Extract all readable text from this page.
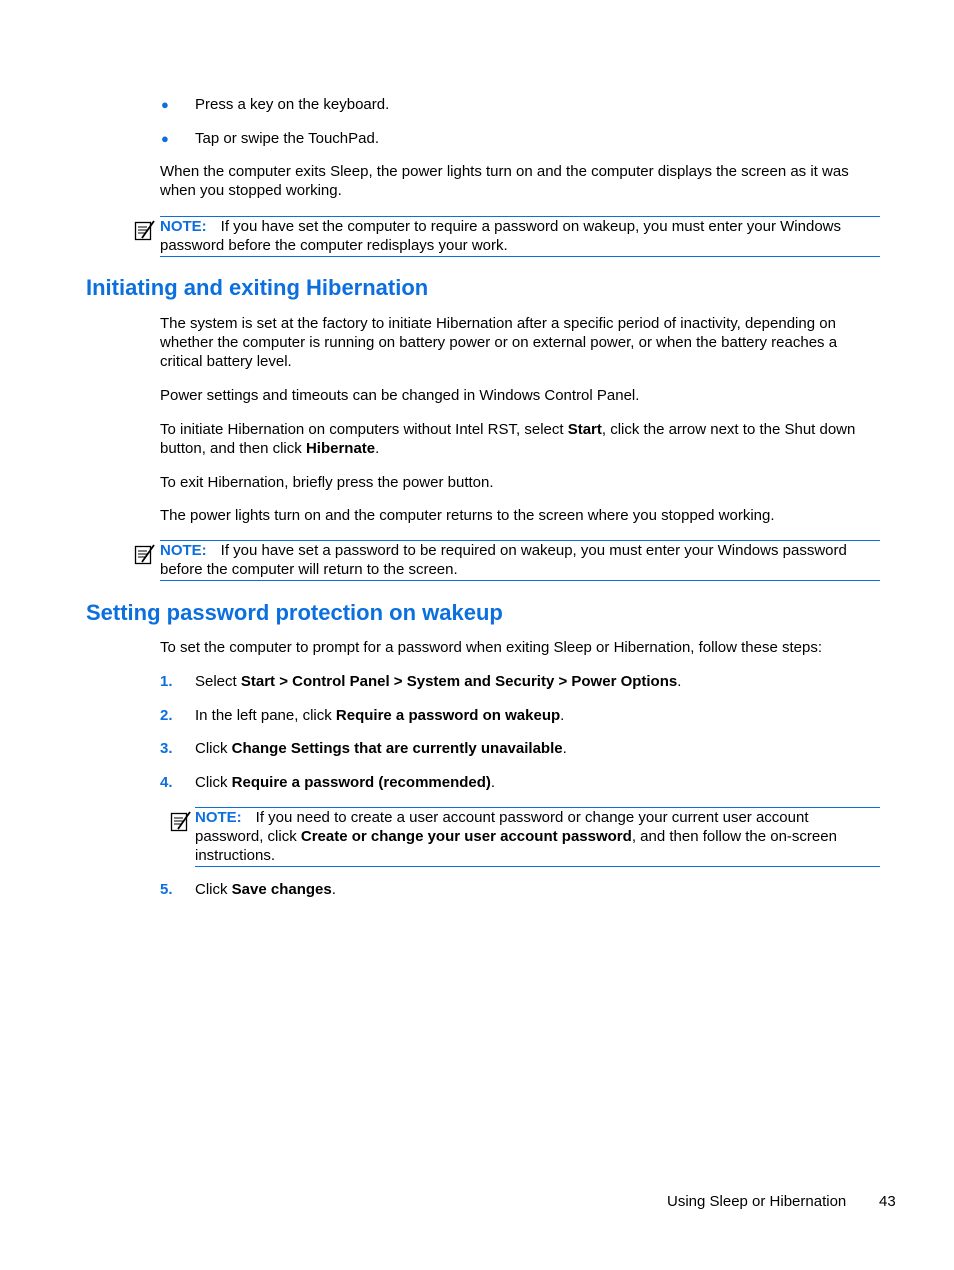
● Press a key on the keyboard.
● Tap or swipe the TouchPad.
When the computer exits Sleep, the power lights turn on and the computer displays the screen as it was when you stopped working.
NOTE: If you have set the computer to require a password on wakeup, you must enter your Windows password before the computer redisplays your work.
Initiating and exiting Hibernation
The system is set at the factory to initiate Hibernation after a specific period of inactivity, depending on whether the computer is running on battery power or on external power, or when the battery reaches a critical battery level.
Power settings and timeouts can be changed in Windows Control Panel.
To initiate Hibernation on computers without Intel RST, select Start, click the arrow next to the Shut down button, and then click Hibernate.
To exit Hibernation, briefly press the power button.
The power lights turn on and the computer returns to the screen where you stopped working.
NOTE: If you have set a password to be required on wakeup, you must enter your Windows password before the computer will return to the screen.
Setting password protection on wakeup
To set the computer to prompt for a password when exiting Sleep or Hibernation, follow these steps:
1. Select Start > Control Panel > System and Security > Power Options.
2. In the left pane, click Require a password on wakeup.
3. Click Change Settings that are currently unavailable.
4. Click Require a password (recommended).
NOTE: If you need to create a user account password or change your current user account password, click Create or change your user account password, and then follow the on-screen instructions.
5. Click Save changes.
Using Sleep or Hibernation 43
